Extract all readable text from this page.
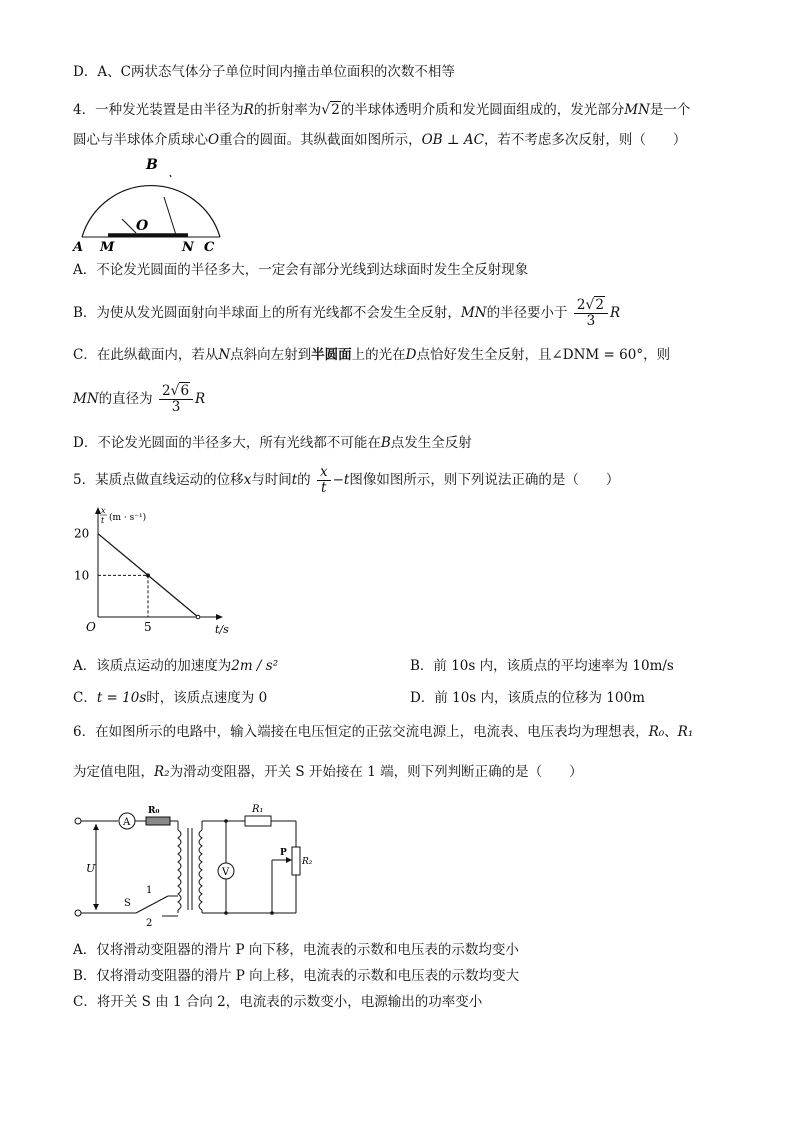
D．A、C两状态气体分子单位时间内撞击单位面积的次数不相等
4．一种发光装置是由半径为R的折射率为√2的半球体透明介质和发光圆面组成的，发光部分MN是一个
圆心与半球体介质球心O重合的圆面。其纵截面如图所示，OB ⊥ AC，若不考虑多次反射，则（　　）
B
O
A M	N C
A．不论发光圆面的半径多大，一定会有部分光线到达球面时发生全反射现象
B．为使从发光圆面射向半球面上的所有光线都不会发生全反射，MN的半径要小于 $\frac{2√2}{3}$ R
C．在此纵截面内，若从N点斜向左射到半圆面上的光在D点恰好发生全反射，且∠DNM = 60°，则
MN的直径为 $\frac{2√6}{3}$ R
D．不论发光圆面的半径多大，所有光线都不可能在B点发生全反射
5．某质点做直线运动的位移x与时间t的 $\frac{x}{t} -t$图像如图所示，则下列说法正确的是（　　）
20
10
5
O	t/s
x
t (m · s⁻¹)
A．该质点运动的加速度为2m / s²	B．前 10s 内，该质点的平均速率为 10m/s
C．t = 10s时，该质点速度为 0	D．前 10s 内，该质点的位移为 100m
6．在如图所示的电路中，输入端接在电压恒定的正弦交流电源上，电流表、电压表均为理想表，R₀、R₁
为定值电阻，R₂为滑动变阻器，开关 S 开始接在 1 端，则下列判断正确的是（　　）
U
A
R₀
S
1
2
R₁
V
R₂
P
A．仅将滑动变阻器的滑片 P 向下移，电流表的示数和电压表的示数均变小
B．仅将滑动变阻器的滑片 P 向上移，电流表的示数和电压表的示数均变大
C．将开关 S 由 1 合向 2，电流表的示数变小，电源输出的功率变小
